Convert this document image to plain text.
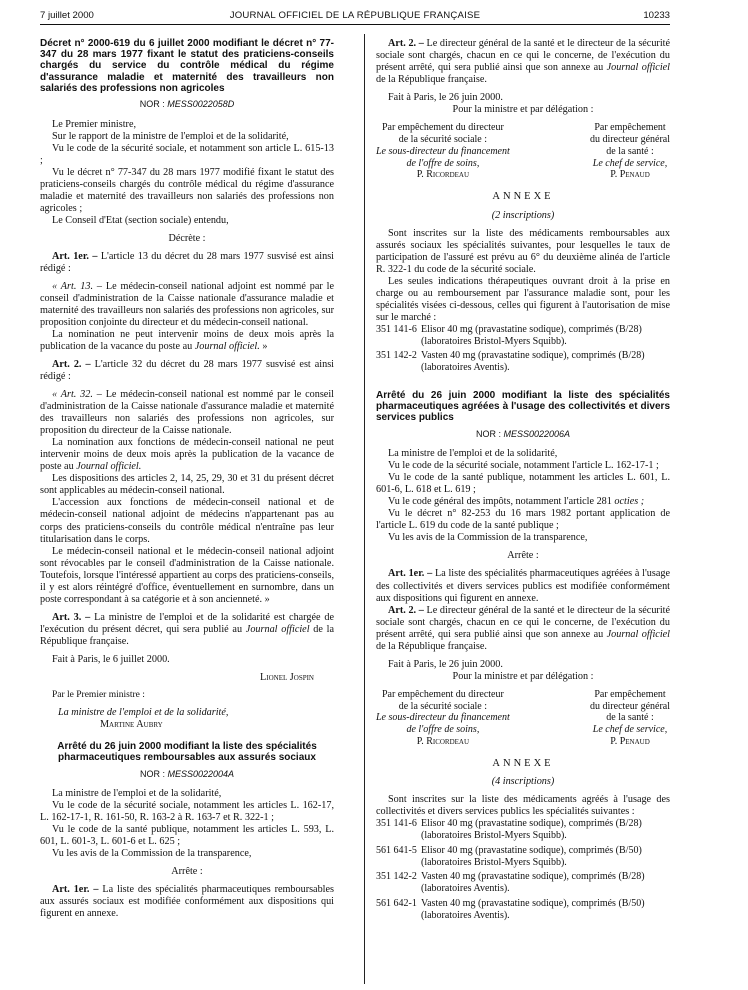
7 juillet 2000	JOURNAL OFFICIEL DE LA RÉPUBLIQUE FRANÇAISE	10233

Décret n° 2000-619 du 6 juillet 2000 modifiant le décret n° 77-347 du 28 mars 1977 fixant le statut des praticiens-conseils chargés du service du contrôle médical du régime d'assurance maladie et maternité des travailleurs non salariés des professions non agricoles

NOR : MESS0022058D

Le Premier ministre,

Sur le rapport de la ministre de l'emploi et de la solidarité,

Vu le code de la sécurité sociale, et notamment son article L. 615-13 ;

Vu le décret n° 77-347 du 28 mars 1977 modifié fixant le statut des praticiens-conseils chargés du contrôle médical du régime d'assurance maladie et maternité des travailleurs non salariés des professions non agricoles ;

Le Conseil d'Etat (section sociale) entendu,

Décrète :

Art. 1er. – L'article 13 du décret du 28 mars 1977 susvisé est ainsi rédigé :

« Art. 13. – Le médecin-conseil national adjoint est nommé par le conseil d'administration de la Caisse nationale d'assurance maladie et maternité des travailleurs non salariés des professions non agricoles, sur proposition conjointe du directeur et du médecin-conseil national.

La nomination ne peut intervenir moins de deux mois après la publication de la vacance du poste au Journal officiel. »

Art. 2. – L'article 32 du décret du 28 mars 1977 susvisé est ainsi rédigé :

« Art. 32. – Le médecin-conseil national est nommé par le conseil d'administration de la Caisse nationale d'assurance maladie et maternité des travailleurs non salariés des professions non agricoles, sur proposition du directeur de la Caisse nationale.

La nomination aux fonctions de médecin-conseil national ne peut intervenir moins de deux mois après la publication de la vacance de poste au Journal officiel.

Les dispositions des articles 2, 14, 25, 29, 30 et 31 du présent décret sont applicables au médecin-conseil national.

L'accession aux fonctions de médecin-conseil national et de médecin-conseil national adjoint de médecins n'appartenant pas au corps des praticiens-conseils du contrôle médical n'entraîne pas leur titularisation dans le corps.

Le médecin-conseil national et le médecin-conseil national adjoint sont révocables par le conseil d'administration de la Caisse nationale. Toutefois, lorsque l'intéressé appartient au corps des praticiens-conseils, il y est alors réintégré d'office, éventuellement en surnombre, dans un poste correspondant à sa catégorie et à son ancienneté. »

Art. 3. – La ministre de l'emploi et de la solidarité est chargée de l'exécution du présent décret, qui sera publié au Journal officiel de la République française.

Fait à Paris, le 6 juillet 2000.

Lionel Jospin

Par le Premier ministre :

La ministre de l'emploi et de la solidarité,

Martine Aubry

Arrêté du 26 juin 2000 modifiant la liste des spécialités pharmaceutiques remboursables aux assurés sociaux

NOR : MESS0022004A

La ministre de l'emploi et de la solidarité,

Vu le code de la sécurité sociale, notamment les articles L. 162-17, L. 162-17-1, R. 161-50, R. 163-2 à R. 163-7 et R. 322-1 ;

Vu le code de la santé publique, notamment les articles L. 593, L. 601, L. 601-3, L. 601-6 et L. 625 ;

Vu les avis de la Commission de la transparence,

Arrête :

Art. 1er. – La liste des spécialités pharmaceutiques remboursables aux assurés sociaux est modifiée conformément aux dispositions qui figurent en annexe.

Art. 2. – Le directeur général de la santé et le directeur de la sécurité sociale sont chargés, chacun en ce qui le concerne, de l'exécution du présent arrêté, qui sera publié ainsi que son annexe au Journal officiel de la République française.

Fait à Paris, le 26 juin 2000.

Pour la ministre et par délégation :

Par empêchement du directeur

de la sécurité sociale :

Le sous-directeur du financement

de l'offre de soins,

P. Ricordeau

Par empêchement

du directeur général

de la santé :

Le chef de service,

P. Penaud

ANNEXE

(2 inscriptions)

Sont inscrites sur la liste des médicaments remboursables aux assurés sociaux les spécialités suivantes, pour lesquelles le taux de participation de l'assuré est prévu au 6° du deuxième alinéa de l'article R. 322-1 du code de la sécurité sociale.

Les seules indications thérapeutiques ouvrant droit à la prise en charge ou au remboursement par l'assurance maladie sont, pour les spécialités visées ci-dessous, celles qui figurent à l'autorisation de mise sur le marché :

351 141-6 Elisor 40 mg (pravastatine sodique), comprimés (B/28)
(laboratoires Bristol-Myers Squibb).
351 142-2 Vasten 40 mg (pravastatine sodique), comprimés (B/28)
(laboratoires Aventis).

Arrêté du 26 juin 2000 modifiant la liste des spécialités pharmaceutiques agréées à l'usage des collectivités et divers services publics

NOR : MESS0022006A

La ministre de l'emploi et de la solidarité,

Vu le code de la sécurité sociale, notamment l'article L. 162-17-1 ;

Vu le code de la santé publique, notamment les articles L. 601, L. 601-6, L. 618 et L. 619 ;

Vu le code général des impôts, notamment l'article 281 octies ;

Vu le décret n° 82-253 du 16 mars 1982 portant application de l'article L. 619 du code de la santé publique ;

Vu les avis de la Commission de la transparence,

Arrête :

Art. 1er. – La liste des spécialités pharmaceutiques agréées à l'usage des collectivités et divers services publics est modifiée conformément aux dispositions qui figurent en annexe.

Art. 2. – Le directeur général de la santé et le directeur de la sécurité sociale sont chargés, chacun en ce qui le concerne, de l'exécution du présent arrêté, qui sera publié ainsi que son annexe au Journal officiel de la République française.

Fait à Paris, le 26 juin 2000.

Pour la ministre et par délégation :

Par empêchement du directeur

de la sécurité sociale :

Le sous-directeur du financement

de l'offre de soins,

P. Ricordeau

Par empêchement

du directeur général

de la santé :

Le chef de service,

P. Penaud

ANNEXE

(4 inscriptions)

Sont inscrites sur la liste des médicaments agréés à l'usage des collectivités et divers services publics les spécialités suivantes :

351 141-6 Elisor 40 mg (pravastatine sodique), comprimés (B/28)
(laboratoires Bristol-Myers Squibb).
561 641-5 Elisor 40 mg (pravastatine sodique), comprimés (B/50)
(laboratoires Bristol-Myers Squibb).
351 142-2 Vasten 40 mg (pravastatine sodique), comprimés (B/28)
(laboratoires Aventis).
561 642-1 Vasten 40 mg (pravastatine sodique), comprimés (B/50)
(laboratoires Aventis).
